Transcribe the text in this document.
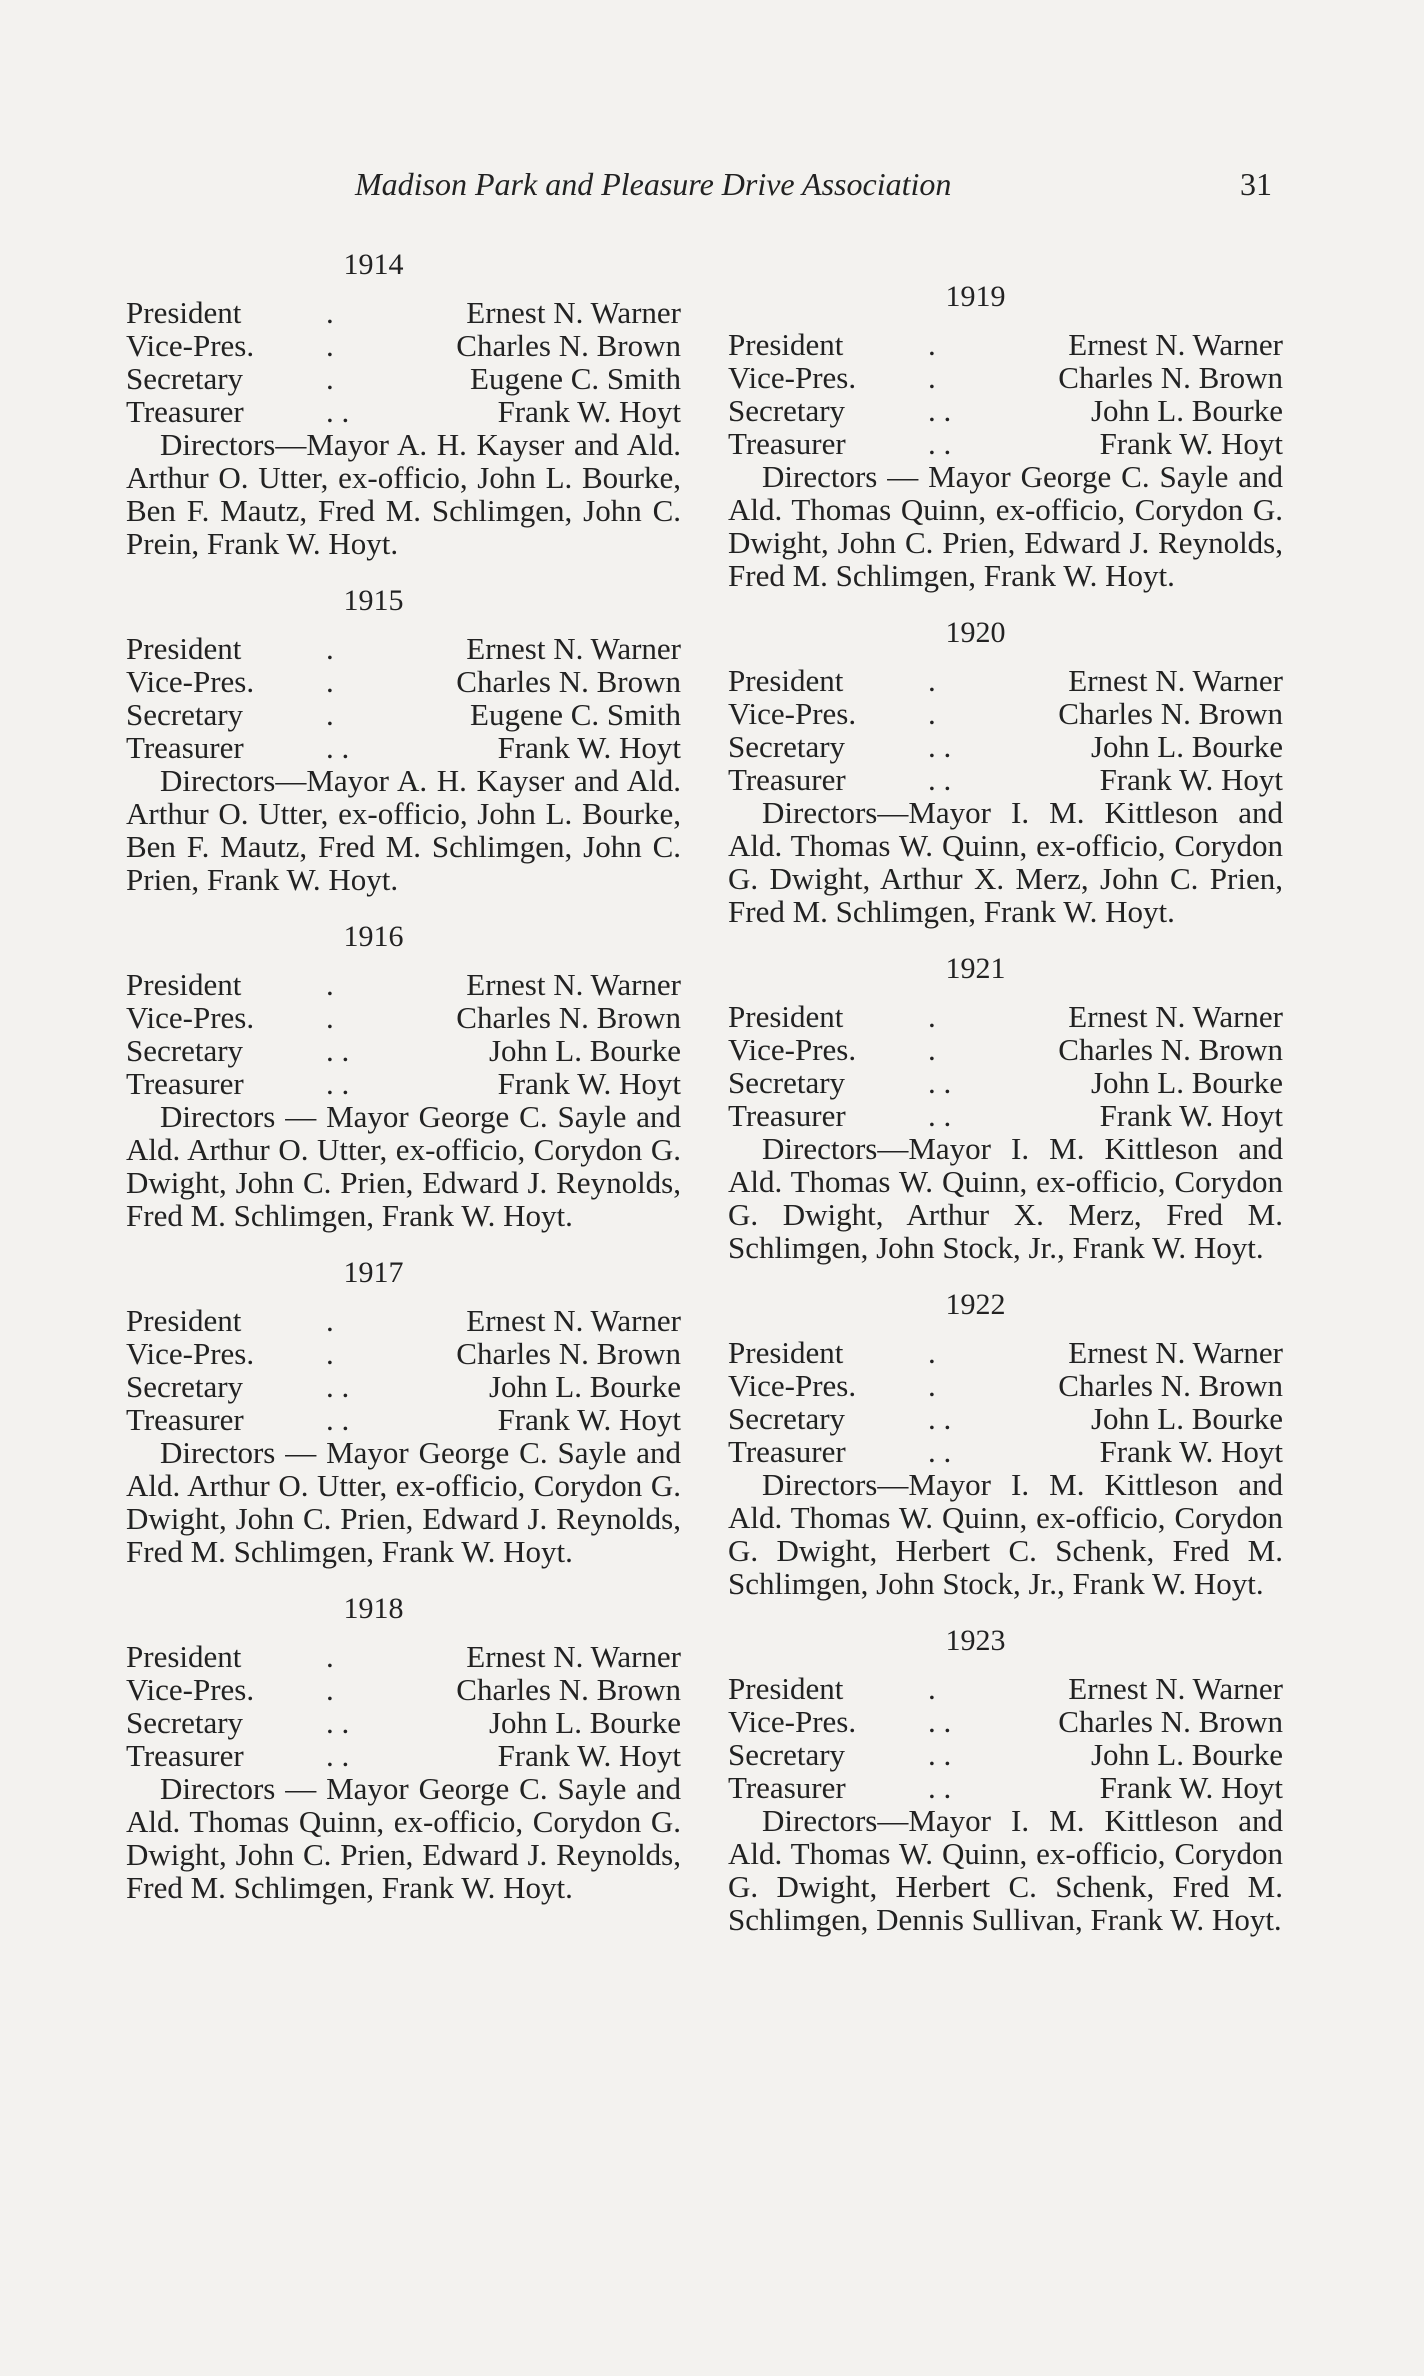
Madison Park and Pleasure Drive Association	31
1914
President	.	Ernest N. Warner
Vice-Pres.	.	Charles N. Brown
Secretary	.	Eugene C. Smith
Treasurer	. .	Frank W. Hoyt

Directors—Mayor A. H. Kayser and Ald. Arthur O. Utter, ex-officio, John L. Bourke, Ben F. Mautz, Fred M. Schlimgen, John C. Prein, Frank W. Hoyt.

1915
President	.	Ernest N. Warner
Vice-Pres.	.	Charles N. Brown
Secretary	.	Eugene C. Smith
Treasurer	. .	Frank W. Hoyt

Directors—Mayor A. H. Kayser and Ald. Arthur O. Utter, ex-officio, John L. Bourke, Ben F. Mautz, Fred M. Schlimgen, John C. Prien, Frank W. Hoyt.

1916
President	.	Ernest N. Warner
Vice-Pres.	.	Charles N. Brown
Secretary	. .	John L. Bourke
Treasurer	. .	Frank W. Hoyt

Directors — Mayor George C. Sayle and Ald. Arthur O. Utter, ex-officio, Corydon G. Dwight, John C. Prien, Edward J. Reynolds, Fred M. Schlimgen, Frank W. Hoyt.

1917
President	.	Ernest N. Warner
Vice-Pres.	.	Charles N. Brown
Secretary	. .	John L. Bourke
Treasurer	. .	Frank W. Hoyt

Directors — Mayor George C. Sayle and Ald. Arthur O. Utter, ex-officio, Corydon G. Dwight, John C. Prien, Edward J. Reynolds, Fred M. Schlimgen, Frank W. Hoyt.

1918
President	.	Ernest N. Warner
Vice-Pres.	.	Charles N. Brown
Secretary	. .	John L. Bourke
Treasurer	. .	Frank W. Hoyt

Directors — Mayor George C. Sayle and Ald. Thomas Quinn, ex-officio, Corydon G. Dwight, John C. Prien, Edward J. Reynolds, Fred M. Schlimgen, Frank W. Hoyt.

1919
President	.	Ernest N. Warner
Vice-Pres.	.	Charles N. Brown
Secretary	. .	John L. Bourke
Treasurer	. .	Frank W. Hoyt

Directors — Mayor George C. Sayle and Ald. Thomas Quinn, ex-officio, Corydon G. Dwight, John C. Prien, Edward J. Reynolds, Fred M. Schlimgen, Frank W. Hoyt.

1920
President	.	Ernest N. Warner
Vice-Pres.	.	Charles N. Brown
Secretary	. .	John L. Bourke
Treasurer	. .	Frank W. Hoyt

Directors—Mayor I. M. Kittleson and Ald. Thomas W. Quinn, ex-officio, Corydon G. Dwight, Arthur X. Merz, John C. Prien, Fred M. Schlimgen, Frank W. Hoyt.

1921
President	.	Ernest N. Warner
Vice-Pres.	.	Charles N. Brown
Secretary	. .	John L. Bourke
Treasurer	. .	Frank W. Hoyt

Directors—Mayor I. M. Kittleson and Ald. Thomas W. Quinn, ex-officio, Corydon G. Dwight, Arthur X. Merz, Fred M. Schlimgen, John Stock, Jr., Frank W. Hoyt.

1922
President	.	Ernest N. Warner
Vice-Pres.	.	Charles N. Brown
Secretary	. .	John L. Bourke
Treasurer	. .	Frank W. Hoyt

Directors—Mayor I. M. Kittleson and Ald. Thomas W. Quinn, ex-officio, Corydon G. Dwight, Herbert C. Schenk, Fred M. Schlimgen, John Stock, Jr., Frank W. Hoyt.

1923
President	.	Ernest N. Warner
Vice-Pres.	. .	Charles N. Brown
Secretary	. .	John L. Bourke
Treasurer	. .	Frank W. Hoyt

Directors—Mayor I. M. Kittleson and Ald. Thomas W. Quinn, ex-officio, Corydon G. Dwight, Herbert C. Schenk, Fred M. Schlimgen, Dennis Sullivan, Frank W. Hoyt.
